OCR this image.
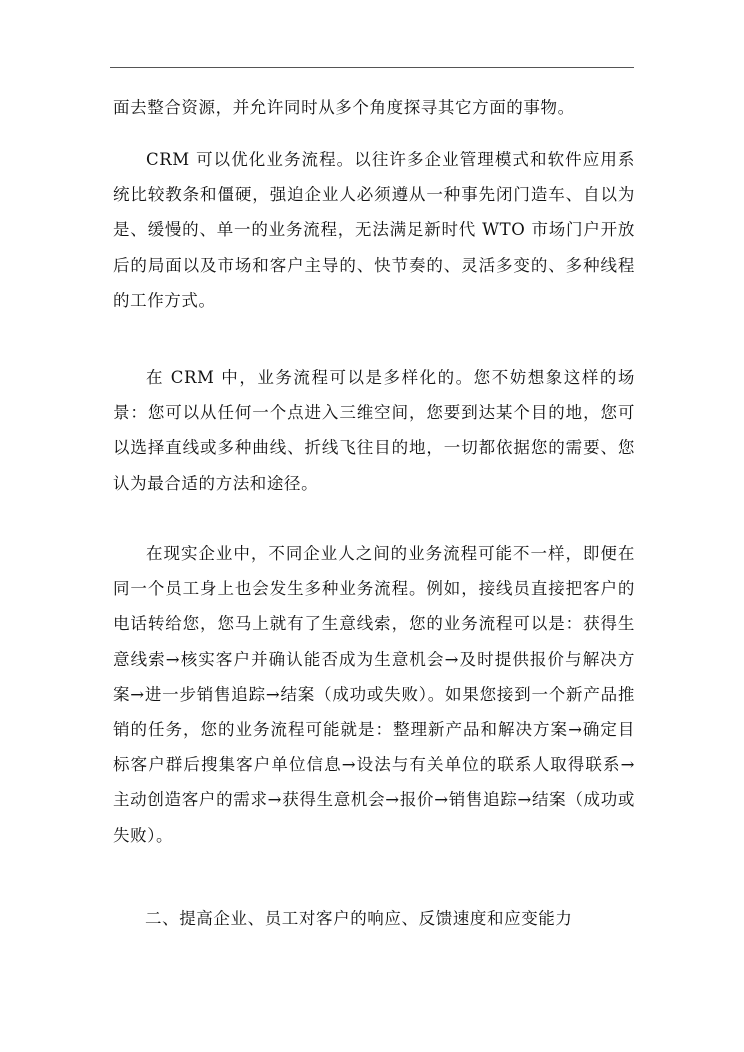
面去整合资源，并允许同时从多个角度探寻其它方面的事物。

CRM 可以优化业务流程。以往许多企业管理模式和软件应用系统比较教条和僵硬，强迫企业人必须遵从一种事先闭门造车、自以为是、缓慢的、单一的业务流程，无法满足新时代 WTO 市场门户开放后的局面以及市场和客户主导的、快节奏的、灵活多变的、多种线程的工作方式。

在 CRM 中，业务流程可以是多样化的。您不妨想象这样的场景：您可以从任何一个点进入三维空间，您要到达某个目的地，您可以选择直线或多种曲线、折线飞往目的地，一切都依据您的需要、您认为最合适的方法和途径。

在现实企业中，不同企业人之间的业务流程可能不一样，即便在同一个员工身上也会发生多种业务流程。例如，接线员直接把客户的电话转给您，您马上就有了生意线索，您的业务流程可以是：获得生意线索→核实客户并确认能否成为生意机会→及时提供报价与解决方案→进一步销售追踪→结案（成功或失败）。如果您接到一个新产品推销的任务，您的业务流程可能就是：整理新产品和解决方案→确定目标客户群后搜集客户单位信息→设法与有关单位的联系人取得联系→主动创造客户的需求→获得生意机会→报价→销售追踪→结案（成功或失败）。

二、提高企业、员工对客户的响应、反馈速度和应变能力
